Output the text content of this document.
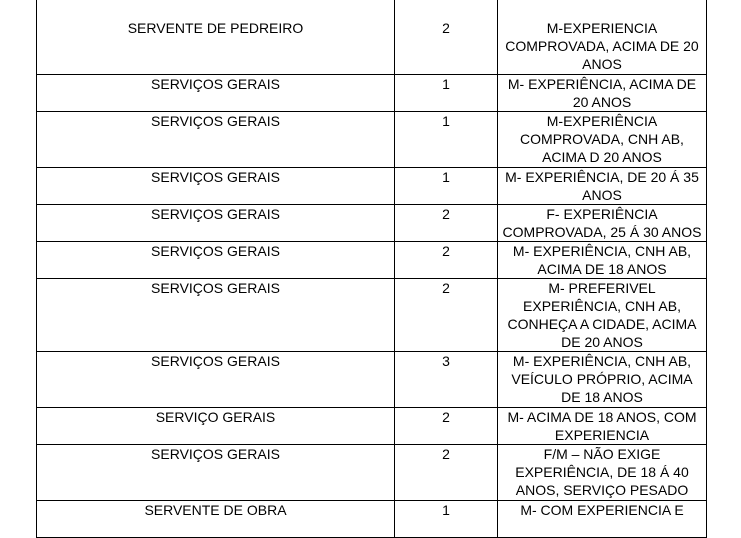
SERVENTE DE PEDREIRO	2	M-EXPERIENCIA COMPROVADA, ACIMA DE 20 ANOS
SERVIÇOS GERAIS	1	M- EXPERIÊNCIA, ACIMA DE 20 ANOS
SERVIÇOS GERAIS	1	M-EXPERIÊNCIA COMPROVADA, CNH AB, ACIMA D 20 ANOS
SERVIÇOS GERAIS	1	M- EXPERIÊNCIA, DE 20 Á 35 ANOS
SERVIÇOS GERAIS	2	F- EXPERIÊNCIA COMPROVADA, 25 Á 30 ANOS
SERVIÇOS GERAIS	2	M- EXPERIÊNCIA, CNH AB, ACIMA DE 18 ANOS
SERVIÇOS GERAIS	2	M- PREFERIVEL EXPERIÊNCIA, CNH AB, CONHEÇA A CIDADE, ACIMA DE 20 ANOS
SERVIÇOS GERAIS	3	M- EXPERIÊNCIA, CNH AB, VEÍCULO PRÓPRIO, ACIMA DE 18 ANOS
SERVIÇO GERAIS	2	M- ACIMA DE 18 ANOS, COM EXPERIENCIA
SERVIÇOS GERAIS	2	F/M – NÃO EXIGE EXPERIÊNCIA, DE 18 Á 40 ANOS, SERVIÇO PESADO
SERVENTE DE OBRA	1	M- COM EXPERIENCIA E
